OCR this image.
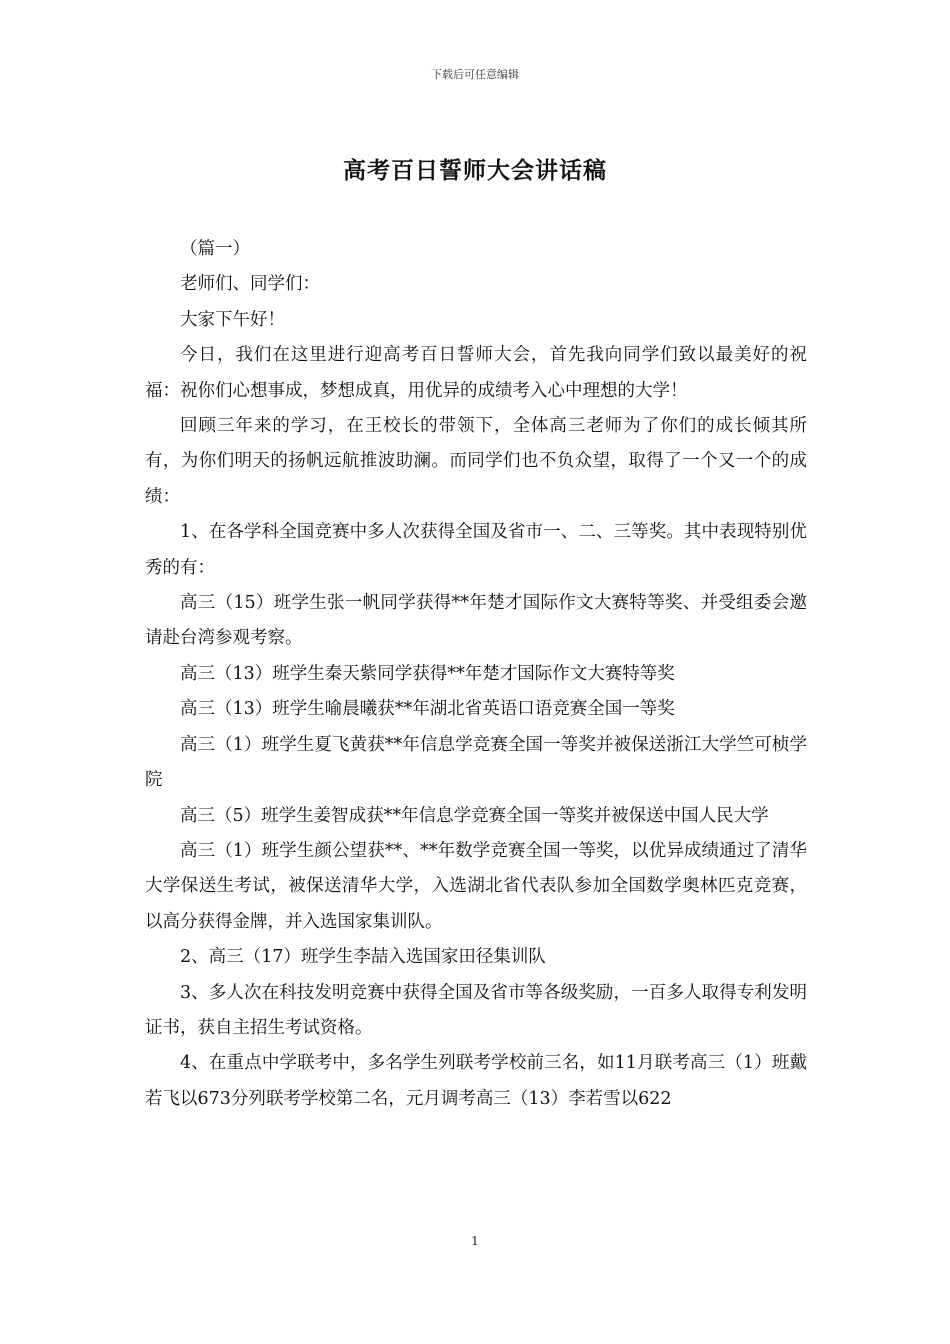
下载后可任意编辑
高考百日誓师大会讲话稿

（篇一）

老师们、同学们：

大家下午好！

今日，我们在这里进行迎高考百日誓师大会，首先我向同学们致以最美好的祝福：祝你们心想事成，梦想成真，用优异的成绩考入心中理想的大学！

回顾三年来的学习，在王校长的带领下，全体高三老师为了你们的成长倾其所有，为你们明天的扬帆远航推波助澜。而同学们也不负众望，取得了一个又一个的成绩：

1、在各学科全国竞赛中多人次获得全国及省市一、二、三等奖。其中表现特别优秀的有：

高三（15）班学生张一帆同学获得**年楚才国际作文大赛特等奖、并受组委会邀请赴台湾参观考察。

高三（13）班学生秦天紫同学获得**年楚才国际作文大赛特等奖

高三（13）班学生喻晨曦获**年湖北省英语口语竞赛全国一等奖

高三（1）班学生夏飞黄获**年信息学竞赛全国一等奖并被保送浙江大学竺可桢学院

高三（5）班学生姜智成获**年信息学竞赛全国一等奖并被保送中国人民大学

高三（1）班学生颜公望获**、**年数学竞赛全国一等奖，以优异成绩通过了清华大学保送生考试，被保送清华大学，入选湖北省代表队参加全国数学奥林匹克竞赛，以高分获得金牌，并入选国家集训队。

2、高三（17）班学生李喆入选国家田径集训队

3、多人次在科技发明竞赛中获得全国及省市等各级奖励，一百多人取得专利发明证书，获自主招生考试资格。

4、在重点中学联考中，多名学生列联考学校前三名，如11月联考高三（1）班戴若飞以673分列联考学校第二名，元月调考高三（13）李若雪以622

1
